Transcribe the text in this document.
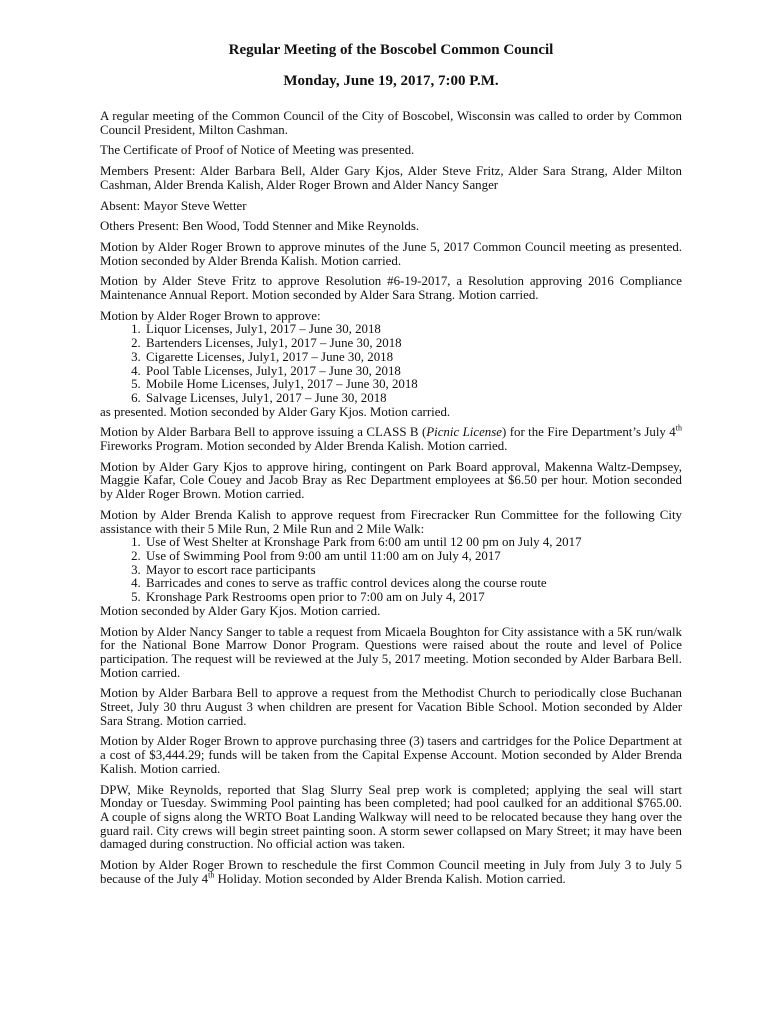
Regular Meeting of the Boscobel Common Council
Monday, June 19, 2017, 7:00 P.M.

A regular meeting of the Common Council of the City of Boscobel, Wisconsin was called to order by Common Council President, Milton Cashman.

The Certificate of Proof of Notice of Meeting was presented.

Members Present: Alder Barbara Bell, Alder Gary Kjos, Alder Steve Fritz, Alder Sara Strang, Alder Milton Cashman, Alder Brenda Kalish, Alder Roger Brown and Alder Nancy Sanger

Absent: Mayor Steve Wetter

Others Present: Ben Wood, Todd Stenner and Mike Reynolds.

Motion by Alder Roger Brown to approve minutes of the June 5, 2017 Common Council meeting as presented. Motion seconded by Alder Brenda Kalish. Motion carried.

Motion by Alder Steve Fritz to approve Resolution #6-19-2017, a Resolution approving 2016 Compliance Maintenance Annual Report. Motion seconded by Alder Sara Strang. Motion carried.

Motion by Alder Roger Brown to approve:
1. Liquor Licenses, July1, 2017 – June 30, 2018
2. Bartenders Licenses, July1, 2017 – June 30, 2018
3. Cigarette Licenses, July1, 2017 – June 30, 2018
4. Pool Table Licenses, July1, 2017 – June 30, 2018
5. Mobile Home Licenses, July1, 2017 – June 30, 2018
6. Salvage Licenses, July1, 2017 – June 30, 2018
as presented. Motion seconded by Alder Gary Kjos. Motion carried.

Motion by Alder Barbara Bell to approve issuing a CLASS B (Picnic License) for the Fire Department’s July 4th Fireworks Program. Motion seconded by Alder Brenda Kalish. Motion carried.

Motion by Alder Gary Kjos to approve hiring, contingent on Park Board approval, Makenna Waltz-Dempsey, Maggie Kafar, Cole Couey and Jacob Bray as Rec Department employees at $6.50 per hour. Motion seconded by Alder Roger Brown. Motion carried.

Motion by Alder Brenda Kalish to approve request from Firecracker Run Committee for the following City assistance with their 5 Mile Run, 2 Mile Run and 2 Mile Walk:
1. Use of West Shelter at Kronshage Park from 6:00 am until 12 00 pm on July 4, 2017
2. Use of Swimming Pool from 9:00 am until 11:00 am on July 4, 2017
3. Mayor to escort race participants
4. Barricades and cones to serve as traffic control devices along the course route
5. Kronshage Park Restrooms open prior to 7:00 am on July 4, 2017
Motion seconded by Alder Gary Kjos. Motion carried.

Motion by Alder Nancy Sanger to table a request from Micaela Boughton for City assistance with a 5K run/walk for the National Bone Marrow Donor Program. Questions were raised about the route and level of Police participation. The request will be reviewed at the July 5, 2017 meeting. Motion seconded by Alder Barbara Bell. Motion carried.

Motion by Alder Barbara Bell to approve a request from the Methodist Church to periodically close Buchanan Street, July 30 thru August 3 when children are present for Vacation Bible School. Motion seconded by Alder Sara Strang. Motion carried.

Motion by Alder Roger Brown to approve purchasing three (3) tasers and cartridges for the Police Department at a cost of $3,444.29; funds will be taken from the Capital Expense Account. Motion seconded by Alder Brenda Kalish. Motion carried.

DPW, Mike Reynolds, reported that Slag Slurry Seal prep work is completed; applying the seal will start Monday or Tuesday. Swimming Pool painting has been completed; had pool caulked for an additional $765.00. A couple of signs along the WRTO Boat Landing Walkway will need to be relocated because they hang over the guard rail. City crews will begin street painting soon. A storm sewer collapsed on Mary Street; it may have been damaged during construction. No official action was taken.

Motion by Alder Roger Brown to reschedule the first Common Council meeting in July from July 3 to July 5 because of the July 4th Holiday. Motion seconded by Alder Brenda Kalish. Motion carried.
